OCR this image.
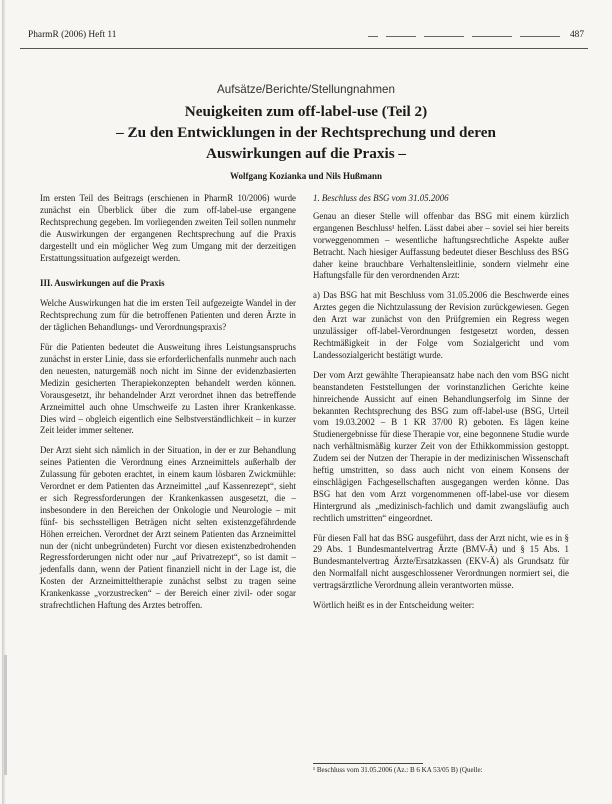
PharmR (2006) Heft 11	487
Aufsätze/Berichte/Stellungnahmen
Neuigkeiten zum off-label-use (Teil 2)
– Zu den Entwicklungen in der Rechtsprechung und deren
Auswirkungen auf die Praxis –
Wolfgang Kozianka und Nils Hußmann

Im ersten Teil des Beitrags (erschienen in PharmR 10/2006) wurde zunächst ein Überblick über die zum off-label-use ergangene Rechtsprechung gegeben. Im vorliegenden zweiten Teil sollen nunmehr die Auswirkungen der ergangenen Rechtsprechung auf die Praxis dargestellt und ein möglicher Weg zum Umgang mit der derzeitigen Erstattungssituation aufgezeigt werden.

III. Auswirkungen auf die Praxis

Welche Auswirkungen hat die im ersten Teil aufgezeigte Wandel in der Rechtsprechung zum für die betroffenen Patienten und deren Ärzte in der täglichen Behandlungs- und Verordnungspraxis?

Für die Patienten bedeutet die Ausweitung ihres Leistungsanspruchs zunächst in erster Linie, dass sie erforderlichenfalls nunmehr auch nach den neuesten, naturgemäß noch nicht im Sinne der evidenzbasierten Medizin gesicherten Therapiekonzepten behandelt werden können. Vorausgesetzt, ihr behandelnder Arzt verordnet ihnen das betreffende Arzneimittel auch ohne Umschweife zu Lasten ihrer Krankenkasse. Dies wird – obgleich eigentlich eine Selbstverständlichkeit – in kurzer Zeit leider immer seltener.

Der Arzt sieht sich nämlich in der Situation, in der er zur Behandlung seines Patienten die Verordnung eines Arzneimittels außerhalb der Zulassung für geboten erachtet, in einem kaum lösbaren Zwickmühle: Verordnet er dem Patienten das Arzneimittel „auf Kassenrezept“, sieht er sich Regressforderungen der Krankenkassen ausgesetzt, die – insbesondere in den Bereichen der Onkologie und Neurologie – mit fünf- bis sechsstelligen Beträgen nicht selten existenzgefährdende Höhen erreichen. Verordnet der Arzt seinem Patienten das Arzneimittel nun der (nicht unbegründeten) Furcht vor diesen existenzbedrohenden Regressforderungen nicht oder nur „auf Privatrezept“, so ist damit – jedenfalls dann, wenn der Patient finanziell nicht in der Lage ist, die Kosten der Arzneimitteltherapie zunächst selbst zu tragen seine Krankenkasse „vorzustrecken“ – der Bereich einer zivil- oder sogar strafrechtlichen Haftung des Arztes betroffen.

1. Beschluss des BSG vom 31.05.2006

Genau an dieser Stelle will offenbar das BSG mit einem kürzlich ergangenen Beschluss¹ helfen. Lässt dabei aber – soviel sei hier bereits vorweggenommen – wesentliche haftungsrechtliche Aspekte außer Betracht. Nach hiesiger Auffassung bedeutet dieser Beschluss des BSG daher keine brauchbare Verhaltensleitlinie, sondern vielmehr eine Haftungsfalle für den verordnenden Arzt:

a) Das BSG hat mit Beschluss vom 31.05.2006 die Beschwerde eines Arztes gegen die Nichtzulassung der Revision zurückgewiesen. Gegen den Arzt war zunächst von den Prüfgremien ein Regress wegen unzulässiger off-label-Verordnungen festgesetzt worden, dessen Rechtmäßigkeit in der Folge vom Sozialgericht und vom Landessozialgericht bestätigt wurde.

Der vom Arzt gewählte Therapieansatz habe nach den vom BSG nicht beanstandeten Feststellungen der vorinstanzlichen Gerichte keine hinreichende Aussicht auf einen Behandlungserfolg im Sinne der bekannten Rechtsprechung des BSG zum off-label-use (BSG, Urteil vom 19.03.2002 – B 1 KR 37/00 R) geboten. Es lägen keine Studienergebnisse für diese Therapie vor, eine begonnene Studie wurde nach verhältnismäßig kurzer Zeit von der Ethikkommission gestoppt. Zudem sei der Nutzen der Therapie in der medizinischen Wissenschaft heftig umstritten, so dass auch nicht von einem Konsens der einschlägigen Fachgesellschaften ausgegangen werden könne. Das BSG hat den vom Arzt vorgenommenen off-label-use vor diesem Hintergrund als „medizinisch-fachlich und damit zwangsläufig auch rechtlich umstritten“ eingeordnet.

Für diesen Fall hat das BSG ausgeführt, dass der Arzt nicht, wie es in § 29 Abs. 1 Bundesmantelvertrag Ärzte (BMV-Ä) und § 15 Abs. 1 Bundesmantelvertrag Ärzte/Ersatzkassen (EKV-Ä) als Grundsatz für den Normalfall nicht ausgeschlossener Verordnungen normiert sei, die vertragsärztliche Verordnung allein verantworten müsse.

Wörtlich heißt es in der Entscheidung weiter:

¹ Beschluss vom 31.05.2006 (Az.: B 6 KA 53/05 B) (Quelle:
